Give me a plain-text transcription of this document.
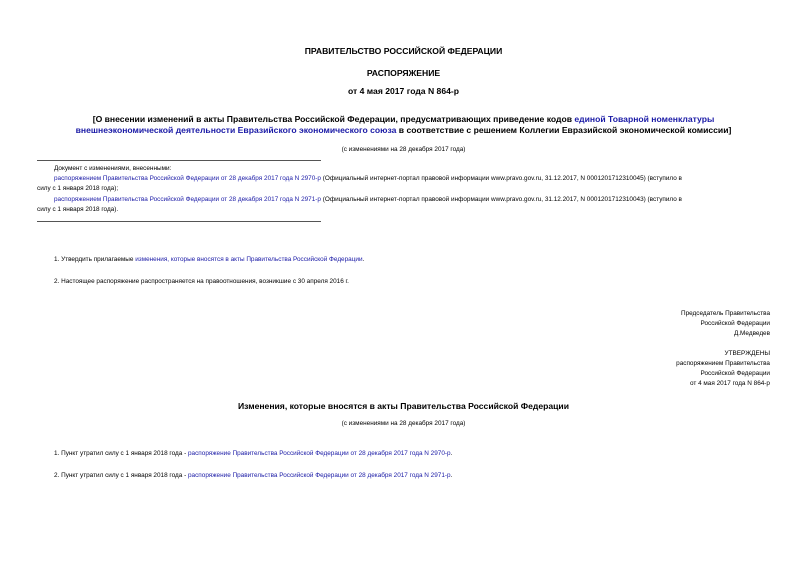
ПРАВИТЕЛЬСТВО РОССИЙСКОЙ ФЕДЕРАЦИИ
РАСПОРЯЖЕНИЕ
от 4 мая 2017 года N 864-р
[О внесении изменений в акты Правительства Российской Федерации, предусматривающих приведение кодов единой Товарной номенклатуры
внешнеэкономической деятельности Евразийского экономического союза в соответствие с решением Коллегии Евразийской экономической комиссии]
(с изменениями на 28 декабря 2017 года)
Документ с изменениями, внесенными:
распоряжением Правительства Российской Федерации от 28 декабря 2017 года N 2970-р (Официальный интернет-портал правовой информации www.pravo.gov.ru, 31.12.2017, N 0001201712310045) (вступило в
силу с 1 января 2018 года);
распоряжением Правительства Российской Федерации от 28 декабря 2017 года N 2971-р (Официальный интернет-портал правовой информации www.pravo.gov.ru, 31.12.2017, N 0001201712310043) (вступило в
силу с 1 января 2018 года).
1. Утвердить прилагаемые изменения, которые вносятся в акты Правительства Российской Федерации.
2. Настоящее распоряжение распространяется на правоотношения, возникшие с 30 апреля 2016 г.
Председатель Правительства
Российской Федерации
Д.Медведев
УТВЕРЖДЕНЫ
распоряжением Правительства
Российской Федерации
от 4 мая 2017 года N 864-р
Изменения, которые вносятся в акты Правительства Российской Федерации
(с изменениями на 28 декабря 2017 года)
1. Пункт утратил силу с 1 января 2018 года - распоряжение Правительства Российской Федерации от 28 декабря 2017 года N 2970-р.
2. Пункт утратил силу с 1 января 2018 года - распоряжение Правительства Российской Федерации от 28 декабря 2017 года N 2971-р.
